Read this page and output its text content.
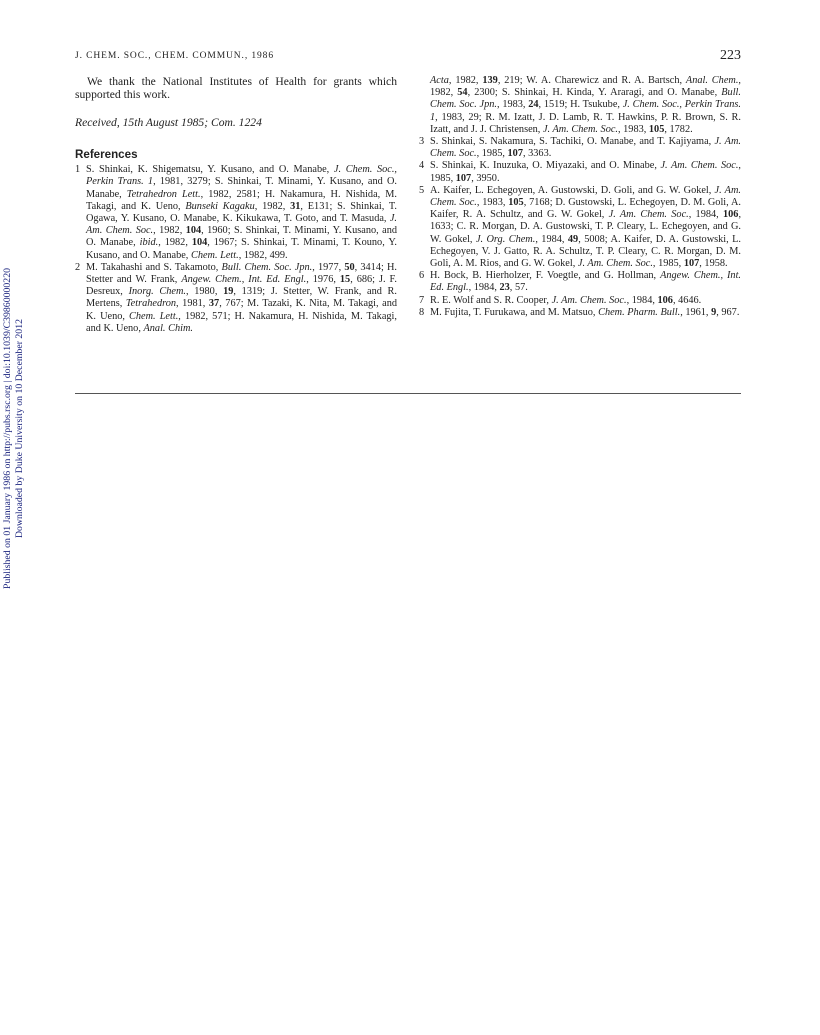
J. CHEM. SOC., CHEM. COMMUN., 1986	223

We thank the National Institutes of Health for grants which supported this work.

Received, 15th August 1985; Com. 1224

References

1 S. Shinkai, K. Shigematsu, Y. Kusano, and O. Manabe, J. Chem. Soc., Perkin Trans. 1, 1981, 3279; S. Shinkai, T. Minami, Y. Kusano, and O. Manabe, Tetrahedron Lett., 1982, 2581; H. Nakamura, H. Nishida, M. Takagi, and K. Ueno, Bunseki Kagaku, 1982, 31, E131; S. Shinkai, T. Ogawa, Y. Kusano, O. Manabe, K. Kikukawa, T. Goto, and T. Masuda, J. Am. Chem. Soc., 1982, 104, 1960; S. Shinkai, T. Minami, Y. Kusano, and O. Manabe, ibid., 1982, 104, 1967; S. Shinkai, T. Minami, T. Kouno, Y. Kusano, and O. Manabe, Chem. Lett., 1982, 499.

2 M. Takahashi and S. Takamoto, Bull. Chem. Soc. Jpn., 1977, 50, 3414; H. Stetter and W. Frank, Angew. Chem., Int. Ed. Engl., 1976, 15, 686; J. F. Desreux, Inorg. Chem., 1980, 19, 1319; J. Stetter, W. Frank, and R. Mertens, Tetrahedron, 1981, 37, 767; M. Tazaki, K. Nita, M. Takagi, and K. Ueno, Chem. Lett., 1982, 571; H. Nakamura, H. Nishida, M. Takagi, and K. Ueno, Anal. Chim.

Acta, 1982, 139, 219; W. A. Charewicz and R. A. Bartsch, Anal. Chem., 1982, 54, 2300; S. Shinkai, H. Kinda, Y. Araragi, and O. Manabe, Bull. Chem. Soc. Jpn., 1983, 24, 1519; H. Tsukube, J. Chem. Soc., Perkin Trans. 1, 1983, 29; R. M. Izatt, J. D. Lamb, R. T. Hawkins, P. R. Brown, S. R. Izatt, and J. J. Christensen, J. Am. Chem. Soc., 1983, 105, 1782.

3 S. Shinkai, S. Nakamura, S. Tachiki, O. Manabe, and T. Kajiyama, J. Am. Chem. Soc., 1985, 107, 3363.

4 S. Shinkai, K. Inuzuka, O. Miyazaki, and O. Minabe, J. Am. Chem. Soc., 1985, 107, 3950.

5 A. Kaifer, L. Echegoyen, A. Gustowski, D. Goli, and G. W. Gokel, J. Am. Chem. Soc., 1983, 105, 7168; D. Gustowski, L. Echegoyen, D. M. Goli, A. Kaifer, R. A. Schultz, and G. W. Gokel, J. Am. Chem. Soc., 1984, 106, 1633; C. R. Morgan, D. A. Gustowski, T. P. Cleary, L. Echegoyen, and G. W. Gokel, J. Org. Chem., 1984, 49, 5008; A. Kaifer, D. A. Gustowski, L. Echegoyen, V. J. Gatto, R. A. Schultz, T. P. Cleary, C. R. Morgan, D. M. Goli, A. M. Rios, and G. W. Gokel, J. Am. Chem. Soc., 1985, 107, 1958.

6 H. Bock, B. Hierholzer, F. Voegtle, and G. Hollman, Angew. Chem., Int. Ed. Engl., 1984, 23, 57.

7 R. E. Wolf and S. R. Cooper, J. Am. Chem. Soc., 1984, 106, 4646.

8 M. Fujita, T. Furukawa, and M. Matsuo, Chem. Pharm. Bull., 1961, 9, 967.

Published on 01 January 1986 on http://pubs.rsc.org | doi:10.1039/C39860000220 Downloaded by Duke University on 10 December 2012
